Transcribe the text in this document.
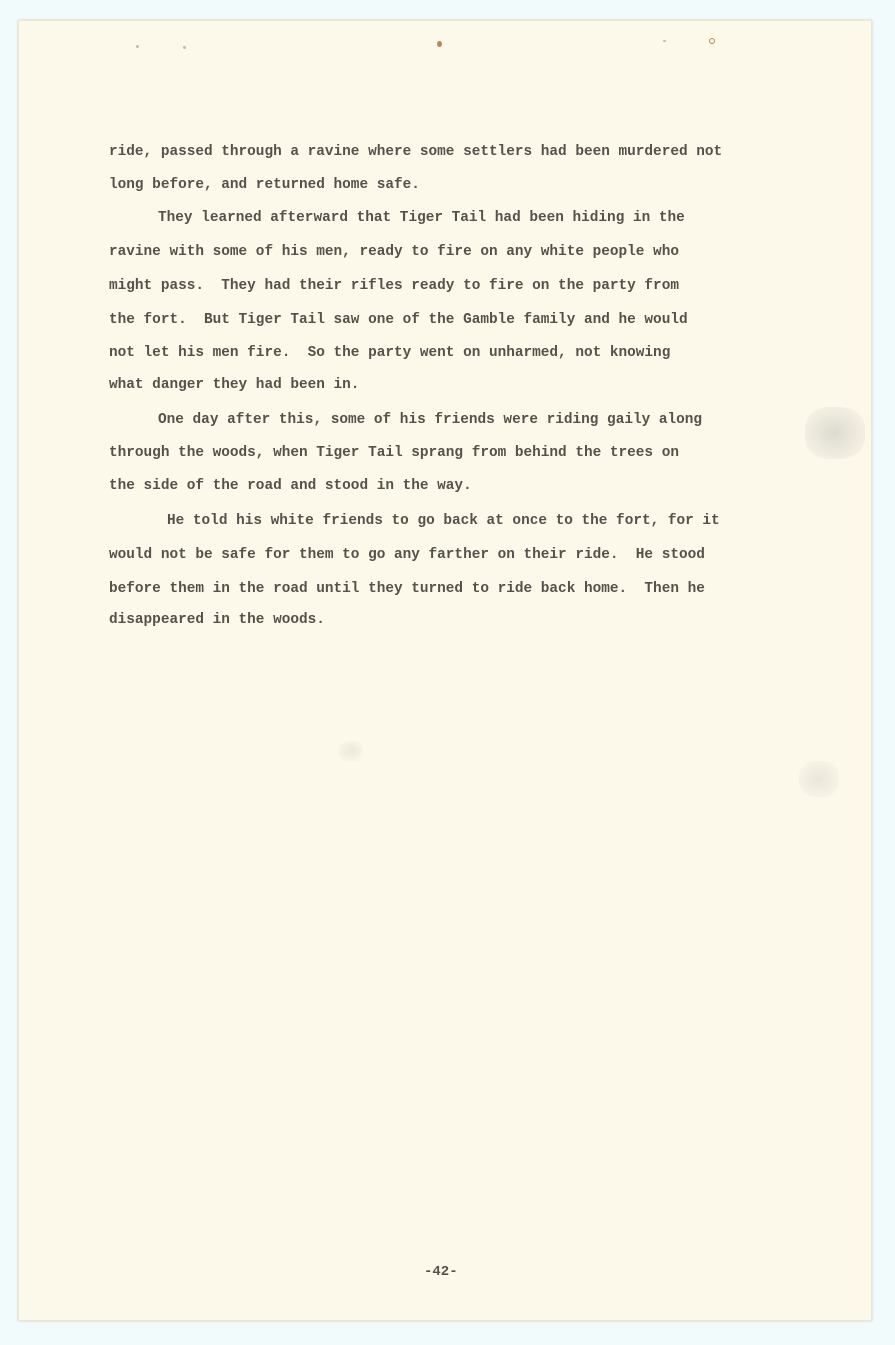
ride, passed through a ravine where some settlers had been murdered not
long before, and returned home safe.
They learned afterward that Tiger Tail had been hiding in the
ravine with some of his men, ready to fire on any white people who
might pass.  They had their rifles ready to fire on the party from
the fort.  But Tiger Tail saw one of the Gamble family and he would
not let his men fire.  So the party went on unharmed, not knowing
what danger they had been in.
One day after this, some of his friends were riding gaily along
through the woods, when Tiger Tail sprang from behind the trees on
the side of the road and stood in the way.
He told his white friends to go back at once to the fort, for it
would not be safe for them to go any farther on their ride.  He stood
before them in the road until they turned to ride back home.  Then he
disappeared in the woods.
-42-
